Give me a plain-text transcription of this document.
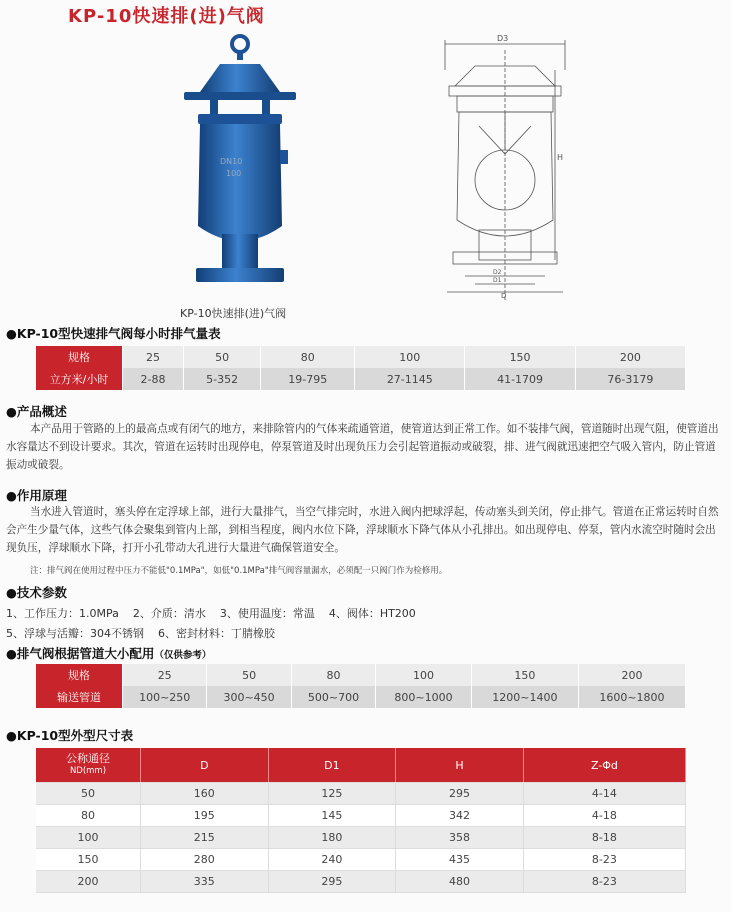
KP-10快速排(进)气阀
DN10
100
KP-10快速排(进)气阀
D3
H
D2
D1
D
●KP-10型快速排气阀每小时排气量表
规格	25	50	80	100	150	200
立方米/小时	2-88	5-352	19-795	27-1145	41-1709	76-3179
●产品概述

本产品用于管路的上的最高点或有闭气的地方，来排除管内的气体来疏通管道，使管道达到正常工作。如不装排气阀，管道随时出现气阻，使管道出水容量达不到设计要求。其次，管道在运转时出现停电，停泵管道及时出现负压力会引起管道振动或破裂，排、进气阀就迅速把空气吸入管内，防止管道振动或破裂。

●作用原理

当水进入管道时，塞头停在定浮球上部，进行大量排气，当空气排完时，水进入阀内把球浮起，传动塞头到关闭，停止排气。管道在正常运转时自然会产生少量气体，这些气体会聚集到管内上部，到相当程度，阀内水位下降，浮球顺水下降气体从小孔排出。如出现停电、停泵，管内水流空时随时会出现负压，浮球顺水下降，打开小孔带动大孔进行大量进气确保管道安全。

注：排气阀在使用过程中压力不能低"0.1MPa"，如低"0.1MPa"排气阀容量漏水，必须配一只阀门作为检修用。
●技术参数
1、工作压力：1.0MPa    2、介质：清水    3、使用温度：常温    4、阀体：HT200
5、浮球与活瓣：304不锈钢    6、密封材料：丁腈橡胶
●排气阀根据管道大小配用（仅供参考）
规格	25	50	80	100	150	200
输送管道	100~250	300~450	500~700	800~1000	1200~1400	1600~1800
●KP-10型外型尺寸表
公称通径
ND(mm)	D	D1	H	Z-Φd
50	160	125	295	4-14
80	195	145	342	4-18
100	215	180	358	8-18
150	280	240	435	8-23
200	335	295	480	8-23
